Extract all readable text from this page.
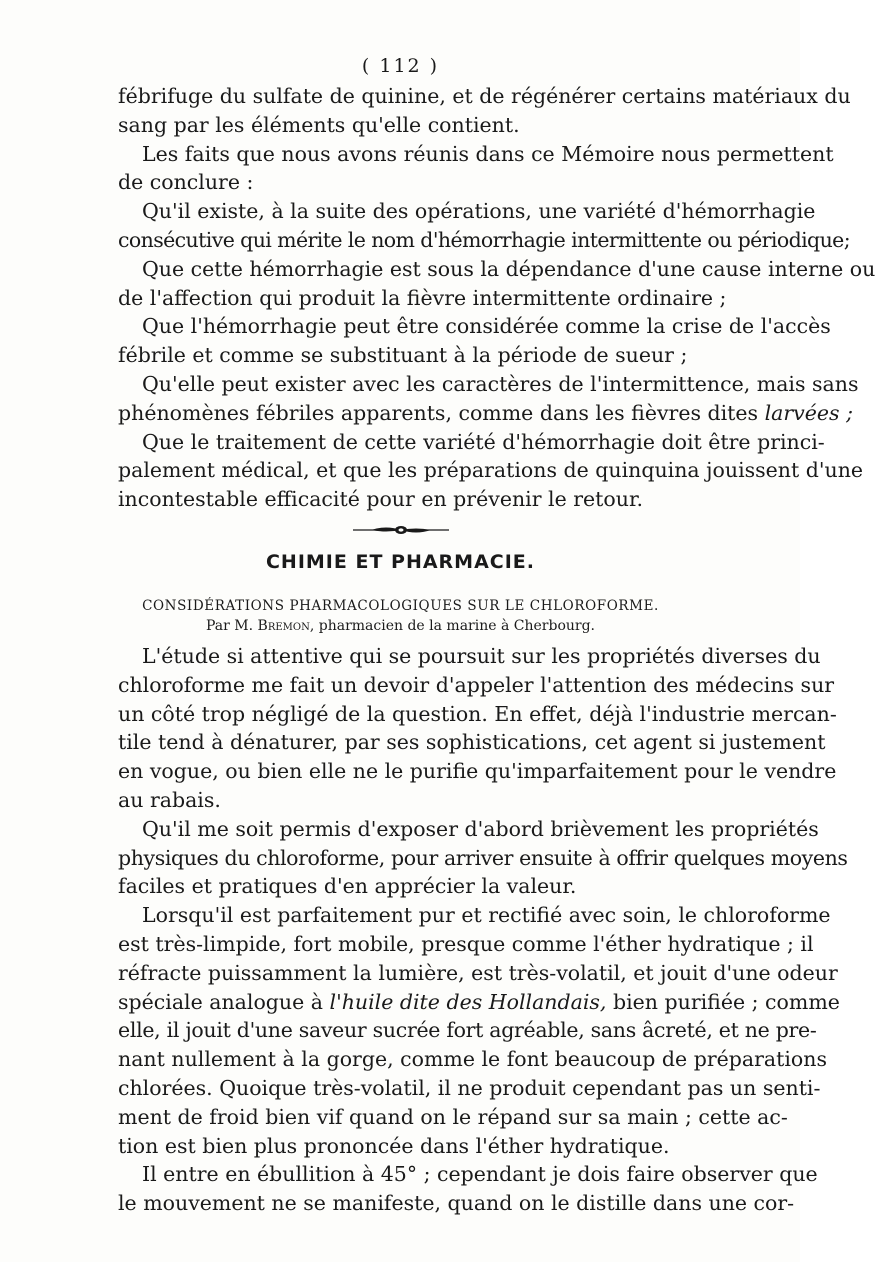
( 112 )
fébrifuge du sulfate de quinine, et de régénérer certains matériaux du
sang par les éléments qu'elle contient.
Les faits que nous avons réunis dans ce Mémoire nous permettent
de conclure :
Qu'il existe, à la suite des opérations, une variété d'hémorrhagie
consécutive qui mérite le nom d'hémorrhagie intermittente ou périodique;
Que cette hémorrhagie est sous la dépendance d'une cause interne ou
de l'affection qui produit la fièvre intermittente ordinaire ;
Que l'hémorrhagie peut être considérée comme la crise de l'accès
fébrile et comme se substituant à la période de sueur ;
Qu'elle peut exister avec les caractères de l'intermittence, mais sans
phénomènes fébriles apparents, comme dans les fièvres dites larvées ;
Que le traitement de cette variété d'hémorrhagie doit être princi-
palement médical, et que les préparations de quinquina jouissent d'une
incontestable efficacité pour en prévenir le retour.
CHIMIE ET PHARMACIE.
CONSIDÉRATIONS PHARMACOLOGIQUES SUR LE CHLOROFORME.
Par M. Bremon, pharmacien de la marine à Cherbourg.
L'étude si attentive qui se poursuit sur les propriétés diverses du
chloroforme me fait un devoir d'appeler l'attention des médecins sur
un côté trop négligé de la question. En effet, déjà l'industrie mercan-
tile tend à dénaturer, par ses sophistications, cet agent si justement
en vogue, ou bien elle ne le purifie qu'imparfaitement pour le vendre
au rabais.
Qu'il me soit permis d'exposer d'abord brièvement les propriétés
physiques du chloroforme, pour arriver ensuite à offrir quelques moyens
faciles et pratiques d'en apprécier la valeur.
Lorsqu'il est parfaitement pur et rectifié avec soin, le chloroforme
est très-limpide, fort mobile, presque comme l'éther hydratique ; il
réfracte puissamment la lumière, est très-volatil, et jouit d'une odeur
spéciale analogue à l'huile dite des Hollandais, bien purifiée ; comme
elle, il jouit d'une saveur sucrée fort agréable, sans âcreté, et ne pre-
nant nullement à la gorge, comme le font beaucoup de préparations
chlorées. Quoique très-volatil, il ne produit cependant pas un senti-
ment de froid bien vif quand on le répand sur sa main ; cette ac-
tion est bien plus prononcée dans l'éther hydratique.
Il entre en ébullition à 45° ; cependant je dois faire observer que
le mouvement ne se manifeste, quand on le distille dans une cor-
